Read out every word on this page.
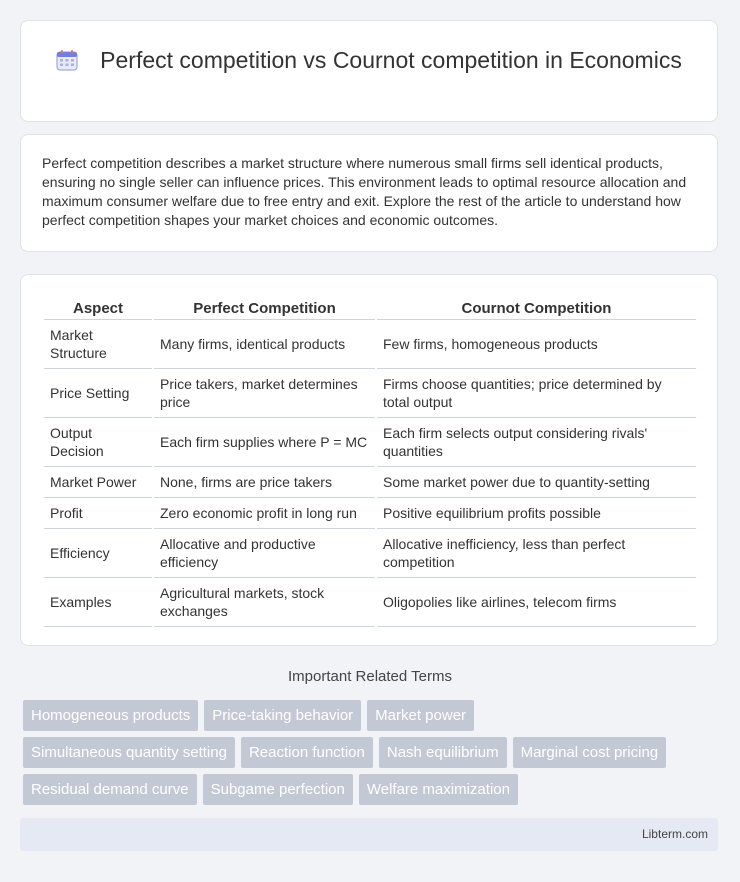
Perfect competition vs Cournot competition in Economics
Perfect competition describes a market structure where numerous small firms sell identical products, ensuring no single seller can influence prices. This environment leads to optimal resource allocation and maximum consumer welfare due to free entry and exit. Explore the rest of the article to understand how perfect competition shapes your market choices and economic outcomes.
Aspect	Perfect Competition	Cournot Competition
Market Structure	Many firms, identical products	Few firms, homogeneous products
Price Setting	Price takers, market determines price	Firms choose quantities; price determined by total output
Output Decision	Each firm supplies where P = MC	Each firm selects output considering rivals' quantities
Market Power	None, firms are price takers	Some market power due to quantity-setting
Profit	Zero economic profit in long run	Positive equilibrium profits possible
Efficiency	Allocative and productive efficiency	Allocative inefficiency, less than perfect competition
Examples	Agricultural markets, stock exchanges	Oligopolies like airlines, telecom firms
Important Related Terms
Homogeneous products	Price-taking behavior	Market power
Simultaneous quantity setting	Reaction function	Nash equilibrium	Marginal cost pricing
Residual demand curve	Subgame perfection	Welfare maximization
Libterm.com
